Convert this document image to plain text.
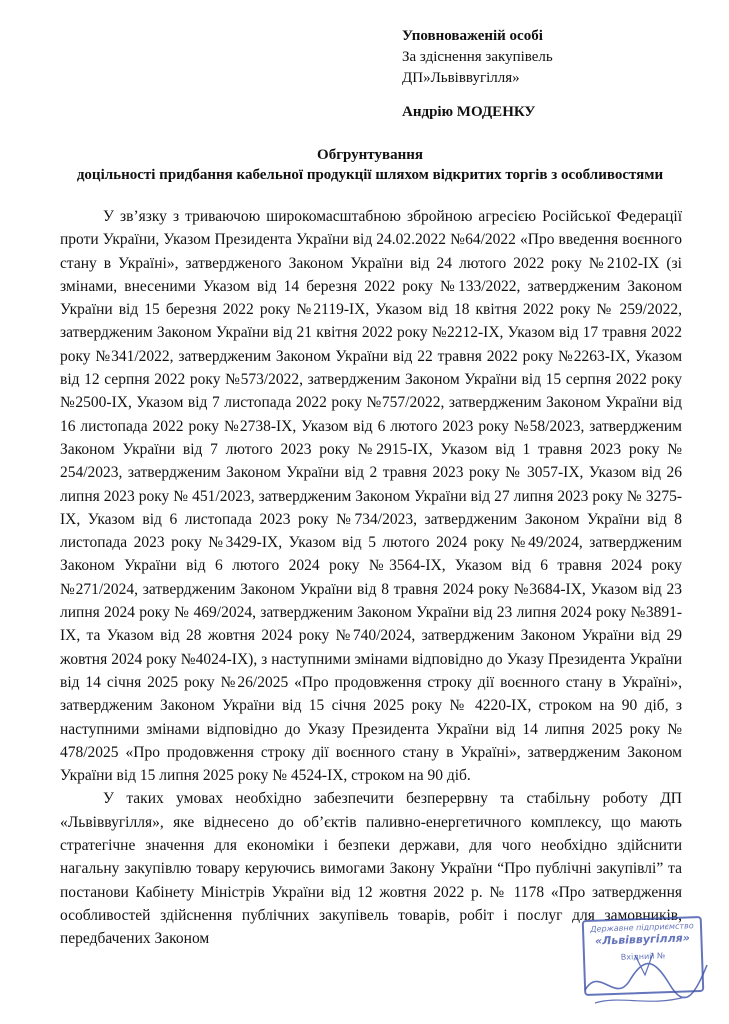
Уповноваженій особі
За здіснення закупівель
ДП»Львіввугілля»
Андрію МОДЕНКУ
Обгрунтування
доцільності придбання кабельної продукції шляхом відкритих торгів з особливостями

У зв’язку з триваючою широкомасштабною збройною агресією Російської Федерації проти України, Указом Президента України від 24.02.2022 №64/2022 «Про введення воєнного стану в Україні», затвердженого Законом України від 24 лютого 2022 року №2102-IX (зі змінами, внесеними Указом від 14 березня 2022 року №133/2022, затвердженим Законом України від 15 березня 2022 року №2119-IX, Указом від 18 квітня 2022 року № 259/2022, затвердженим Законом України від 21 квітня 2022 року №2212-IX, Указом від 17 травня 2022 року №341/2022, затвердженим Законом України від 22 травня 2022 року №2263-IX, Указом від 12 серпня 2022 року №573/2022, затвердженим Законом України від 15 серпня 2022 року №2500-IX, Указом від 7 листопада 2022 року №757/2022, затвердженим Законом України від 16 листопада 2022 року №2738-IX, Указом від 6 лютого 2023 року №58/2023, затвердженим Законом України від 7 лютого 2023 року №2915-IX, Указом від 1 травня 2023 року № 254/2023, затвердженим Законом України від 2 травня 2023 року № 3057-IX, Указом від 26 липня 2023 року № 451/2023, затвердженим Законом України від 27 липня 2023 року № 3275-IX, Указом від 6 листопада 2023 року №734/2023, затвердженим Законом України від 8 листопада 2023 року №3429-IX, Указом від 5 лютого 2024 року №49/2024, затвердженим Законом України від 6 лютого 2024 року №3564-IX, Указом від 6 травня 2024 року №271/2024, затвердженим Законом України від 8 травня 2024 року №3684-IX, Указом від 23 липня 2024 року № 469/2024, затвердженим Законом України від 23 липня 2024 року №3891-IX, та Указом від 28 жовтня 2024 року №740/2024, затвердженим Законом України від 29 жовтня 2024 року №4024-IX), з наступними змінами відповідно до Указу Президента України від 14 січня 2025 року №26/2025 «Про продовження строку дії воєнного стану в Україні», затвердженим Законом України від 15 січня 2025 року № 4220-IX, строком на 90 діб, з наступними змінами відповідно до Указу Президента України від 14 липня 2025 року № 478/2025 «Про продовження строку дії воєнного стану в Україні», затвердженим Законом України від 15 липня 2025 року № 4524-IX, строком на 90 діб.

У таких умовах необхідно забезпечити безперервну та стабільну роботу ДП «Львіввугілля», яке віднесено до об’єктів паливно-енергетичного комплексу, що мають стратегічне значення для економіки і безпеки держави, для чого необхідно здійснити нагальну закупівлю товару керуючись вимогами Закону України “Про публічні закупівлі” та постанови Кабінету Міністрів України від 12 жовтня 2022 р. № 1178 «Про затвердження особливостей здійснення публічних закупівель товарів, робіт і послуг для замовників, передбачених Законом

Державне підприємство
«Львіввугілля»
Вхідний №
